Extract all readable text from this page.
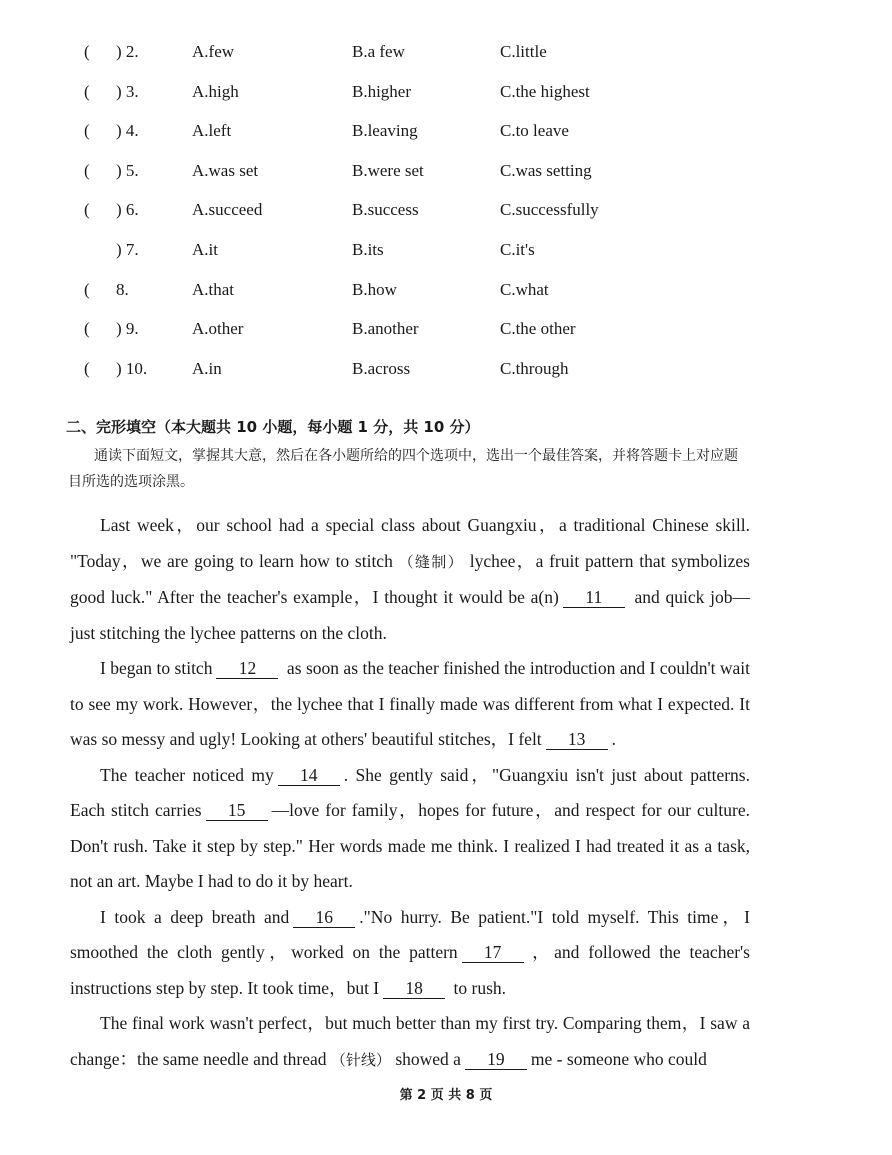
( ) 2.	A.few	B.a few	C.little
( ) 3.	A.high	B.higher	C.the highest
( ) 4.	A.left	B.leaving	C.to leave
( ) 5.	A.was set	B.were set	C.was setting
( ) 6.	A.succeed	B.success	C.successfully
) 7.	A.it	B.its	C.it's
( 8.	A.that	B.how	C.what
( ) 9.	A.other	B.another	C.the other
( ) 10.	A.in	B.across	C.through
二、完形填空（本大题共 10 小题，每小题 1 分，共 10 分）
通读下面短文，掌握其大意，然后在各小题所给的四个选项中，选出一个最佳答案，并将答题卡上对应题目所选的选项涂黑。

Last week，our school had a special class about Guangxiu，a traditional Chinese skill. "Today，we are going to learn how to stitch （缝制） lychee，a fruit pattern that symbolizes good luck." After the teacher's example，I thought it would be a(n) 11 and quick job—just stitching the lychee patterns on the cloth.

I began to stitch 12 as soon as the teacher finished the introduction and I couldn't wait to see my work. However，the lychee that I finally made was different from what I expected. It was so messy and ugly! Looking at others' beautiful stitches，I felt 13 .

The teacher noticed my 14 . She gently said，"Guangxiu isn't just about patterns. Each stitch carries 15 —love for family，hopes for future，and respect for our culture. Don't rush. Take it step by step." Her words made me think. I realized I had treated it as a task, not an art. Maybe I had to do it by heart.

I took a deep breath and 16 ."No hurry. Be patient."I told myself. This time，I smoothed the cloth gently，worked on the pattern 17 ，and followed the teacher's instructions step by step. It took time，but I 18 to rush.

The final work wasn't perfect，but much better than my first try. Comparing them，I saw a change：the same needle and thread （针线） showed a 19 me - someone who could

第 2 页 共 8 页
